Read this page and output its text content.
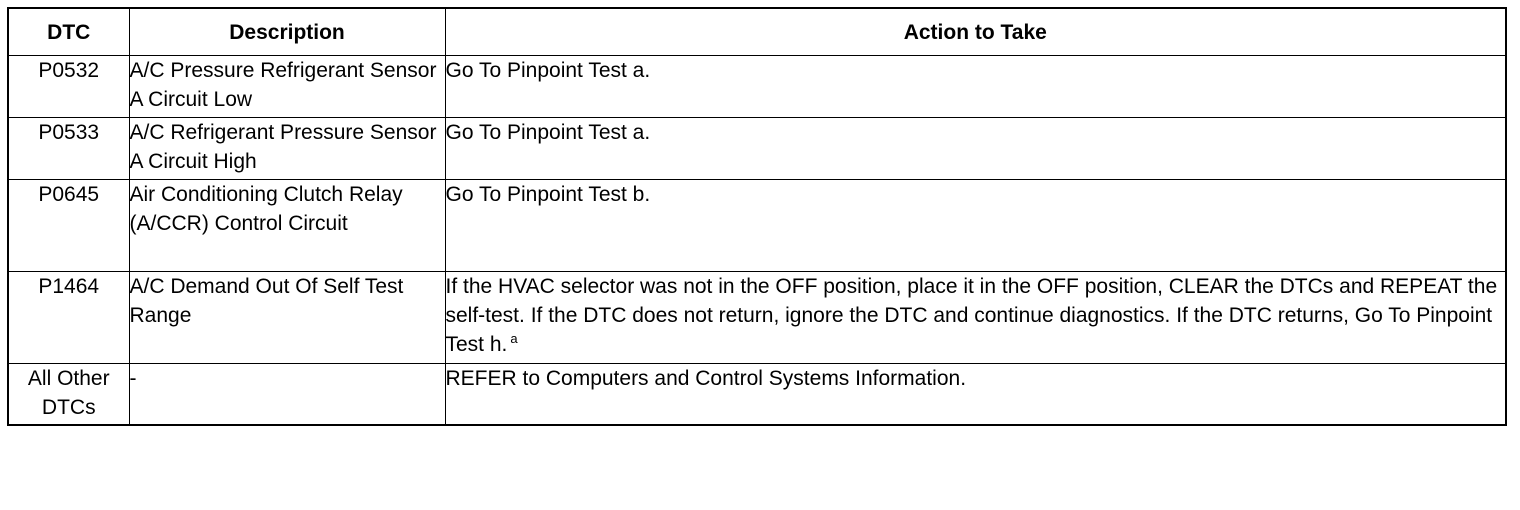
DTC	Description	Action to Take
P0532	A/C Pressure Refrigerant Sensor A Circuit Low	Go To Pinpoint Test a.
P0533	A/C Refrigerant Pressure Sensor A Circuit High	Go To Pinpoint Test a.
P0645	Air Conditioning Clutch Relay (A/CCR) Control Circuit	Go To Pinpoint Test b.
P1464	A/C Demand Out Of Self Test Range	If the HVAC selector was not in the OFF position, place it in the OFF position, CLEAR the DTCs and REPEAT the self-test. If the DTC does not return, ignore the DTC and continue diagnostics. If the DTC returns, Go To Pinpoint Test h. $^a$
All Other DTCs	-	REFER to Computers and Control Systems Information.
